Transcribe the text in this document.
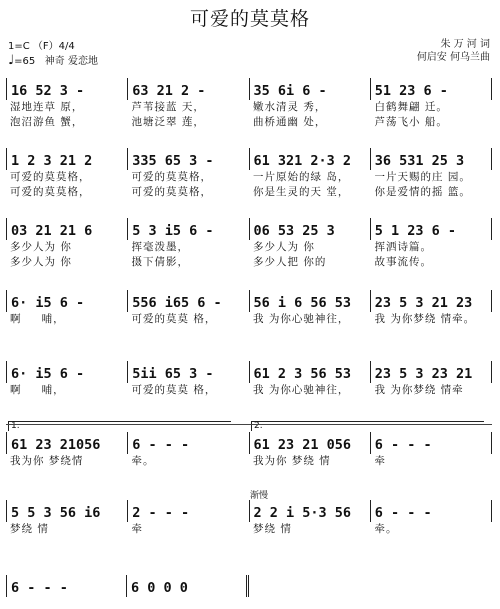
可爱的莫莫格
1=C （F）4/4
♩=65 神奇 爱恋地
朱 万 河 词
何启安 何乌兰曲
16 52 3 -	63 21 2 -	35 6i 6 -	51 23 6 -
湿地连草 原，	芦苇接蓝 天，	嫩水清灵 秀，	白鹤舞翩 迁。
泡沼游鱼 蟹，	池塘泛翠 莲，	曲桥通幽 处，	芦荡飞小 船。
1 2 3 21 2	335 65 3 -	61 321 2·3 2	36 531 25 3
可爱的莫莫格，	可爱的莫莫格，	一片原始的绿 岛，	一片天赐的庄 园。
可爱的莫莫格，	可爱的莫莫格，	你是生灵的天 堂，	你是爱情的摇 篮。
03 21 21 6	5 3 i5 6 -	06 53 25 3	5 1 23 6 -
多少人为 你	挥毫泼墨，	多少人为 你	挥洒诗篇。
多少人为 你	摄下倩影，	多少人把 你的	故事流传。
6· i5 6 -	556 i65 6 -	56 i 6 56 53	23 5 3 21 23
啊 　 哺，	可爱的莫莫 格，	我 为你心驰神往，	我 为你梦绕 情牵。
6· i5 6 -	5ii 65 3 -	61 2 3 56 53	23 5 3 23 21
啊 　 哺，	可爱的莫莫 格，	我 为你心驰神往，	我 为你梦绕 情牵
61 23 21056	6 - - -	61 23 21 056	6 - - -
1.	2.
我为你 梦绕情	牵。	我为你 梦绕 情	牵
5 5 3 56 i6	2 - - -	2 2 i 5·3 56	6 - - -
渐慢
梦绕 情	牵	梦绕 情	牵。
6 - - -	6 0 0 0
